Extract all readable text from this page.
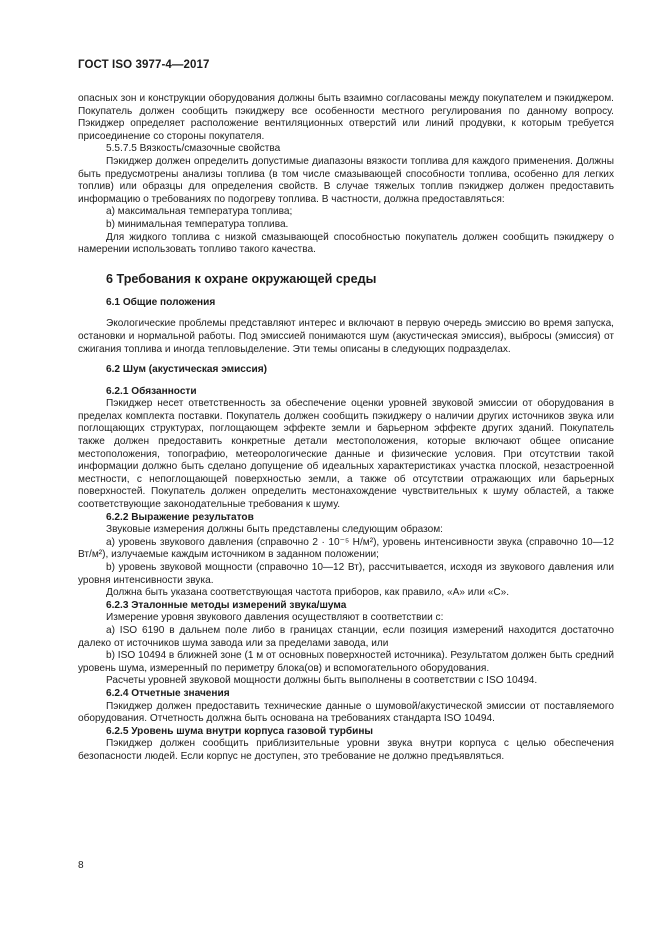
ГОСТ ISO 3977-4—2017

опасных зон и конструкции оборудования должны быть взаимно согласованы между покупателем и пэкиджером. Покупатель должен сообщить пэкиджеру все особенности местного регулирования по данному вопросу. Пэкиджер определяет расположение вентиляционных отверстий или линий продувки, к которым требуется присоединение со стороны покупателя.

5.5.7.5 Вязкость/смазочные свойства

Пэкиджер должен определить допустимые диапазоны вязкости топлива для каждого применения. Должны быть предусмотрены анализы топлива (в том числе смазывающей способности топлива, особенно для легких топлив) или образцы для определения свойств. В случае тяжелых топлив пэкиджер должен предоставить информацию о требованиях по подогреву топлива. В частности, должна предоставляться:

а) максимальная температура топлива;

b) минимальная температура топлива.

Для жидкого топлива с низкой смазывающей способностью покупатель должен сообщить пэкиджеру о намерении использовать топливо такого качества.

6 Требования к охране окружающей среды
6.1 Общие положения

Экологические проблемы представляют интерес и включают в первую очередь эмиссию во время запуска, остановки и нормальной работы. Под эмиссией понимаются шум (акустическая эмиссия), выбросы (эмиссия) от сжигания топлива и иногда тепловыделение. Эти темы описаны в следующих подразделах.

6.2 Шум (акустическая эмиссия)

6.2.1 Обязанности

Пэкиджер несет ответственность за обеспечение оценки уровней звуковой эмиссии от оборудования в пределах комплекта поставки. Покупатель должен сообщить пэкиджеру о наличии других источников звука или поглощающих структурах, поглощающем эффекте земли и барьерном эффекте других зданий. Покупатель также должен предоставить конкретные детали местоположения, которые включают общее описание местоположения, топографию, метеорологические данные и физические условия. При отсутствии такой информации должно быть сделано допущение об идеальных характеристиках участка плоской, незастроенной местности, с непоглощающей поверхностью земли, а также об отсутствии отражающих или барьерных поверхностей. Покупатель должен определить местонахождение чувствительных к шуму областей, а также соответствующие законодательные требования к шуму.

6.2.2 Выражение результатов

Звуковые измерения должны быть представлены следующим образом:

а) уровень звукового давления (справочно 2 · 10⁻⁵ Н/м²), уровень интенсивности звука (справочно 10—12 Вт/м²), излучаемые каждым источником в заданном положении;

b) уровень звуковой мощности (справочно 10—12 Вт), рассчитывается, исходя из звукового давления или уровня интенсивности звука.

Должна быть указана соответствующая частота приборов, как правило, «А» или «С».

6.2.3 Эталонные методы измерений звука/шума

Измерение уровня звукового давления осуществляют в соответствии с:

а) ISO 6190 в дальнем поле либо в границах станции, если позиция измерений находится достаточно далеко от источников шума завода или за пределами завода, или

b) ISO 10494 в ближней зоне (1 м от основных поверхностей источника). Результатом должен быть средний уровень шума, измеренный по периметру блока(ов) и вспомогательного оборудования.

Расчеты уровней звуковой мощности должны быть выполнены в соответствии с ISO 10494.

6.2.4 Отчетные значения

Пэкиджер должен предоставить технические данные о шумовой/акустической эмиссии от поставляемого оборудования. Отчетность должна быть основана на требованиях стандарта ISO 10494.

6.2.5 Уровень шума внутри корпуса газовой турбины

Пэкиджер должен сообщить приблизительные уровни звука внутри корпуса с целью обеспечения безопасности людей. Если корпус не доступен, это требование не должно предъявляться.

8
